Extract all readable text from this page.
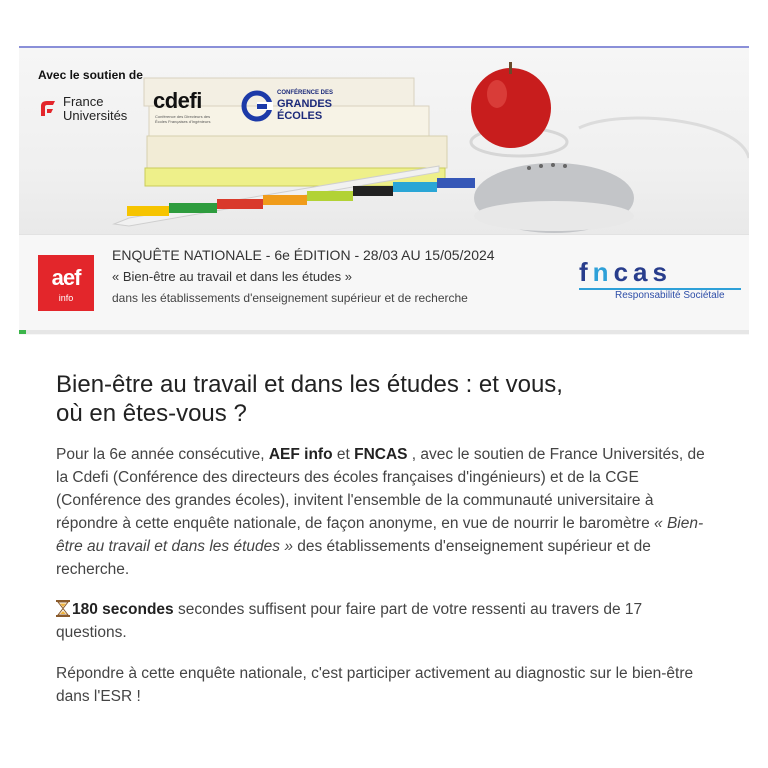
Avec le soutien de
France
Universités
cdefi
Conférence des Directeurs des Écoles Françaises d'Ingénieurs
CONFÉRENCE DES
GRANDES
ÉCOLES
aef
info
ENQUÊTE NATIONALE - 6e ÉDITION - 28/03 AU 15/05/2024
« Bien-être au travail et dans les études »
dans les établissements d'enseignement supérieur et de recherche
fncas
Responsabilité Sociétale
Bien-être au travail et dans les études : et vous,
où en êtes-vous ?

Pour la 6e année consécutive, AEF info et FNCAS , avec le soutien de France Universités, de la Cdefi (Conférence des directeurs des écoles françaises d'ingénieurs) et de la CGE (Conférence des grandes écoles), invitent l'ensemble de la communauté universitaire à répondre à cette enquête nationale, de façon anonyme, en vue de nourrir le baromètre « Bien-être au travail et dans les études » des établissements d'enseignement supérieur et de recherche.

180 secondes secondes suffisent pour faire part de votre ressenti au travers de 17 questions.

Répondre à cette enquête nationale, c'est participer activement au diagnostic sur le bien-être dans l'ESR !
